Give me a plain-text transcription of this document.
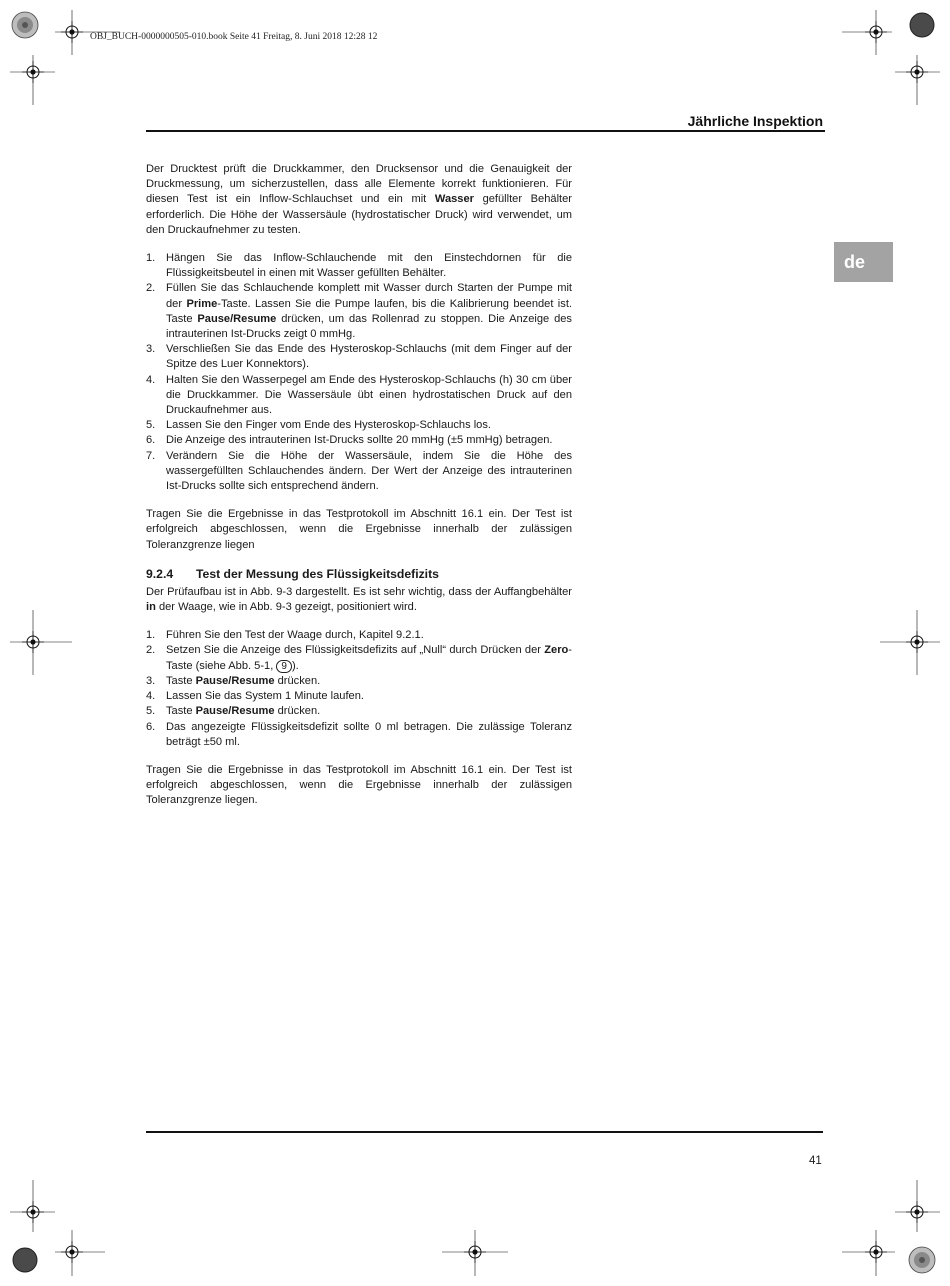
OBJ_BUCH-0000000505-010.book Seite 41 Freitag, 8. Juni 2018 12:28 12
Jährliche Inspektion
de

Der Drucktest prüft die Druckkammer, den Drucksensor und die Genauigkeit der Druckmessung, um sicherzustellen, dass alle Elemente korrekt funktionieren. Für diesen Test ist ein Inflow-Schlauchset und ein mit Wasser gefüllter Behälter erforderlich. Die Höhe der Wassersäule (hydrostatischer Druck) wird verwendet, um den Druckaufnehmer zu testen.

1. Hängen Sie das Inflow-Schlauchende mit den Einstechdornen für die Flüssigkeitsbeutel in einen mit Wasser gefüllten Behälter.
2. Füllen Sie das Schlauchende komplett mit Wasser durch Starten der Pumpe mit der Prime-Taste. Lassen Sie die Pumpe laufen, bis die Kalibrierung beendet ist. Taste Pause/Resume drücken, um das Rollenrad zu stoppen. Die Anzeige des intrauterinen Ist-Drucks zeigt 0 mmHg.
3. Verschließen Sie das Ende des Hysteroskop-Schlauchs (mit dem Finger auf der Spitze des Luer Konnektors).
4. Halten Sie den Wasserpegel am Ende des Hysteroskop-Schlauchs (h) 30 cm über die Druckkammer. Die Wassersäule übt einen hydrostatischen Druck auf den Druckaufnehmer aus.
5. Lassen Sie den Finger vom Ende des Hysteroskop-Schlauchs los.
6. Die Anzeige des intrauterinen Ist-Drucks sollte 20 mmHg (±5 mmHg) betragen.
7. Verändern Sie die Höhe der Wassersäule, indem Sie die Höhe des wassergefüllten Schlauchendes ändern. Der Wert der Anzeige des intrauterinen Ist-Drucks sollte sich entsprechend ändern.

Tragen Sie die Ergebnisse in das Testprotokoll im Abschnitt 16.1 ein. Der Test ist erfolgreich abgeschlossen, wenn die Ergebnisse innerhalb der zulässigen Toleranzgrenze liegen

9.2.4 Test der Messung des Flüssigkeitsdefizits

Der Prüfaufbau ist in Abb. 9-3 dargestellt. Es ist sehr wichtig, dass der Auffangbehälter in der Waage, wie in Abb. 9-3 gezeigt, positioniert wird.

1. Führen Sie den Test der Waage durch, Kapitel 9.2.1.
2. Setzen Sie die Anzeige des Flüssigkeitsdefizits auf „Null“ durch Drücken der Zero-Taste (siehe Abb. 5-1, 9 ).
3. Taste Pause/Resume drücken.
4. Lassen Sie das System 1 Minute laufen.
5. Taste Pause/Resume drücken.
6. Das angezeigte Flüssigkeitsdefizit sollte 0 ml betragen. Die zulässige Toleranz beträgt ±50 ml.

Tragen Sie die Ergebnisse in das Testprotokoll im Abschnitt 16.1 ein. Der Test ist erfolgreich abgeschlossen, wenn die Ergebnisse innerhalb der zulässigen Toleranzgrenze liegen.

41
